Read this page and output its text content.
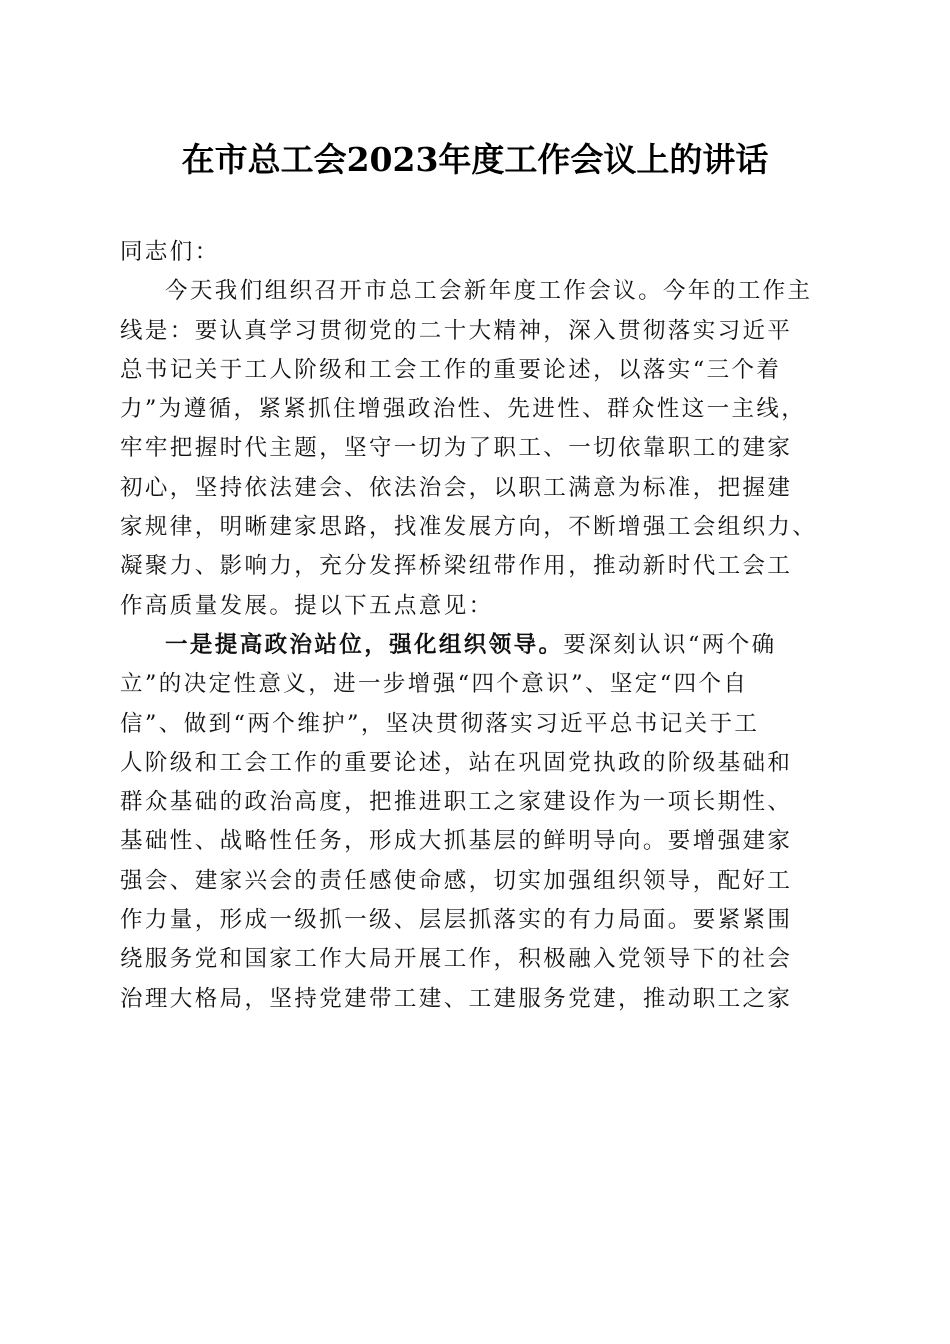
在市总工会2023年度工作会议上的讲话
同志们：
今天我们组织召开市总工会新年度工作会议。今年的工作主
线是：要认真学习贯彻党的二十大精神，深入贯彻落实习近平
总书记关于工人阶级和工会工作的重要论述，以落实“三个着
力”为遵循，紧紧抓住增强政治性、先进性、群众性这一主线，
牢牢把握时代主题，坚守一切为了职工、一切依靠职工的建家
初心，坚持依法建会、依法治会，以职工满意为标准，把握建
家规律，明晰建家思路，找准发展方向，不断增强工会组织力、
凝聚力、影响力，充分发挥桥梁纽带作用，推动新时代工会工
作高质量发展。提以下五点意见：
一是提高政治站位，强化组织领导。要深刻认识“两个确
立”的决定性意义，进一步增强“四个意识”、坚定“四个自
信”、做到“两个维护”，坚决贯彻落实习近平总书记关于工
人阶级和工会工作的重要论述，站在巩固党执政的阶级基础和
群众基础的政治高度，把推进职工之家建设作为一项长期性、
基础性、战略性任务，形成大抓基层的鲜明导向。要增强建家
强会、建家兴会的责任感使命感，切实加强组织领导，配好工
作力量，形成一级抓一级、层层抓落实的有力局面。要紧紧围
绕服务党和国家工作大局开展工作，积极融入党领导下的社会
治理大格局，坚持党建带工建、工建服务党建，推动职工之家
